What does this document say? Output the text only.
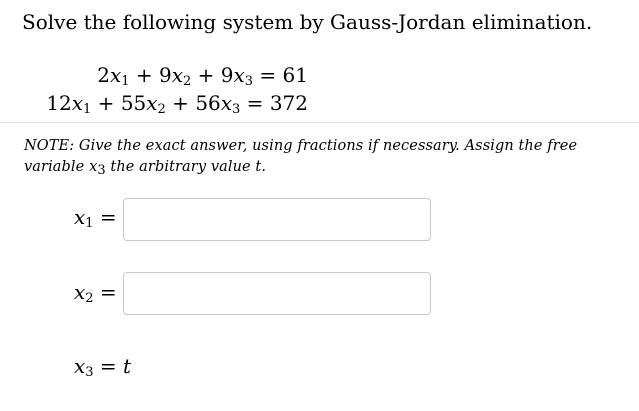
Solve the following system by Gauss-Jordan elimination.
$2x_1 + 9x_2 + 9x_3 = 61$
$12x_1 + 55x_2 + 56x_3 = 372$
NOTE: Give the exact answer, using fractions if necessary. Assign the free variable $x_3$ the arbitrary value t.
$x_1$ =
$x_2$ =
$x_3 = t$
